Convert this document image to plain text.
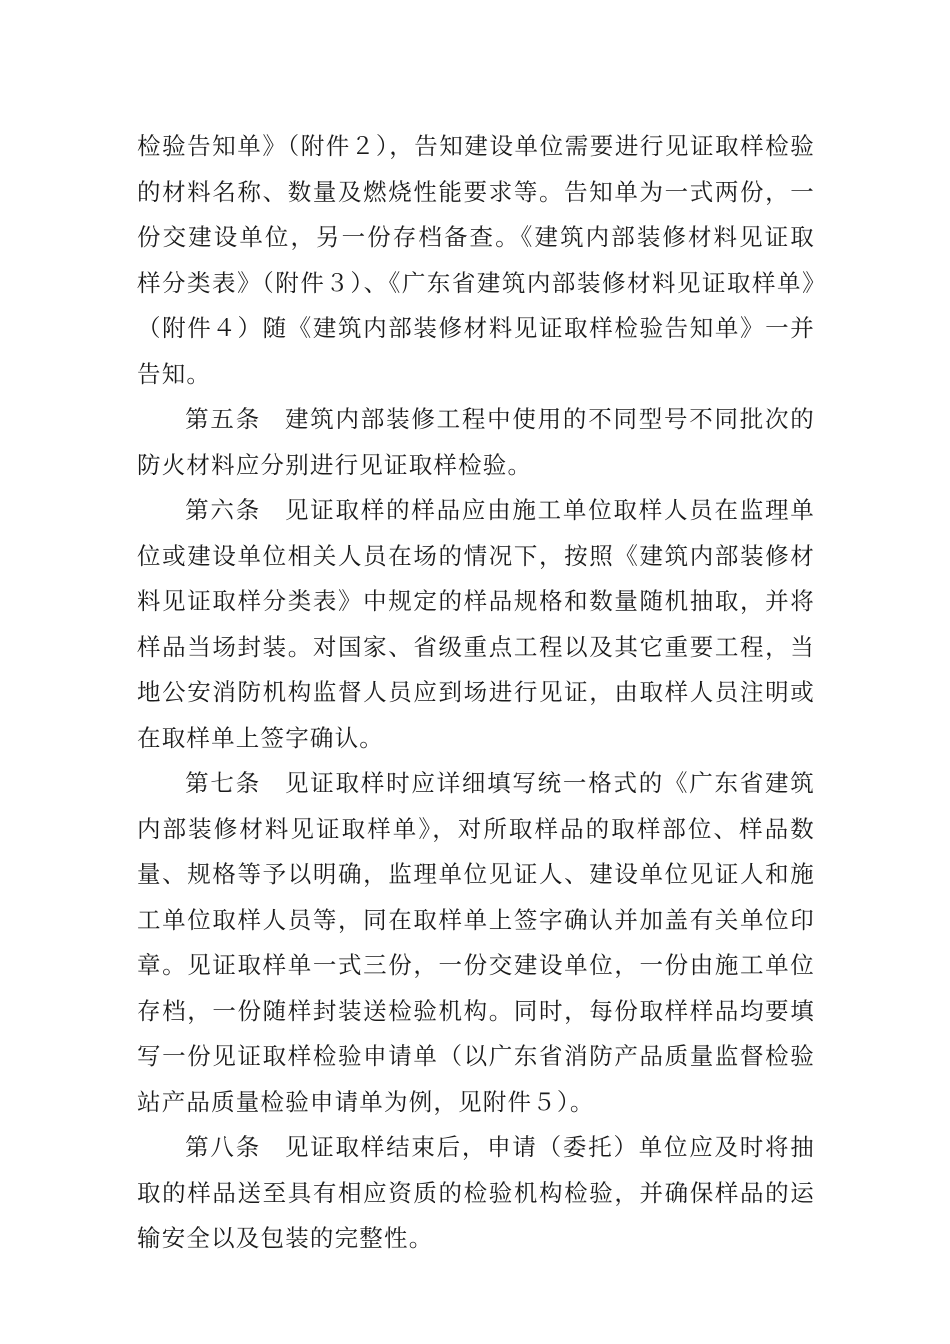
检验告知单》（附件２），告知建设单位需要进行见证取样检验的材料名称、数量及燃烧性能要求等。告知单为一式两份，一份交建设单位，另一份存档备查。《建筑内部装修材料见证取样分类表》（附件３）、《广东省建筑内部装修材料见证取样单》（附件４）随《建筑内部装修材料见证取样检验告知单》一并告知。

第五条 建筑内部装修工程中使用的不同型号不同批次的防火材料应分别进行见证取样检验。

第六条 见证取样的样品应由施工单位取样人员在监理单位或建设单位相关人员在场的情况下，按照《建筑内部装修材料见证取样分类表》中规定的样品规格和数量随机抽取，并将样品当场封装。对国家、省级重点工程以及其它重要工程，当地公安消防机构监督人员应到场进行见证，由取样人员注明或在取样单上签字确认。

第七条 见证取样时应详细填写统一格式的《广东省建筑内部装修材料见证取样单》，对所取样品的取样部位、样品数量、规格等予以明确，监理单位见证人、建设单位见证人和施工单位取样人员等，同在取样单上签字确认并加盖有关单位印章。见证取样单一式三份，一份交建设单位，一份由施工单位存档，一份随样封装送检验机构。同时，每份取样样品均要填写一份见证取样检验申请单（以广东省消防产品质量监督检验站产品质量检验申请单为例，见附件５）。

第八条 见证取样结束后，申请（委托）单位应及时将抽取的样品送至具有相应资质的检验机构检验，并确保样品的运输安全以及包装的完整性。
